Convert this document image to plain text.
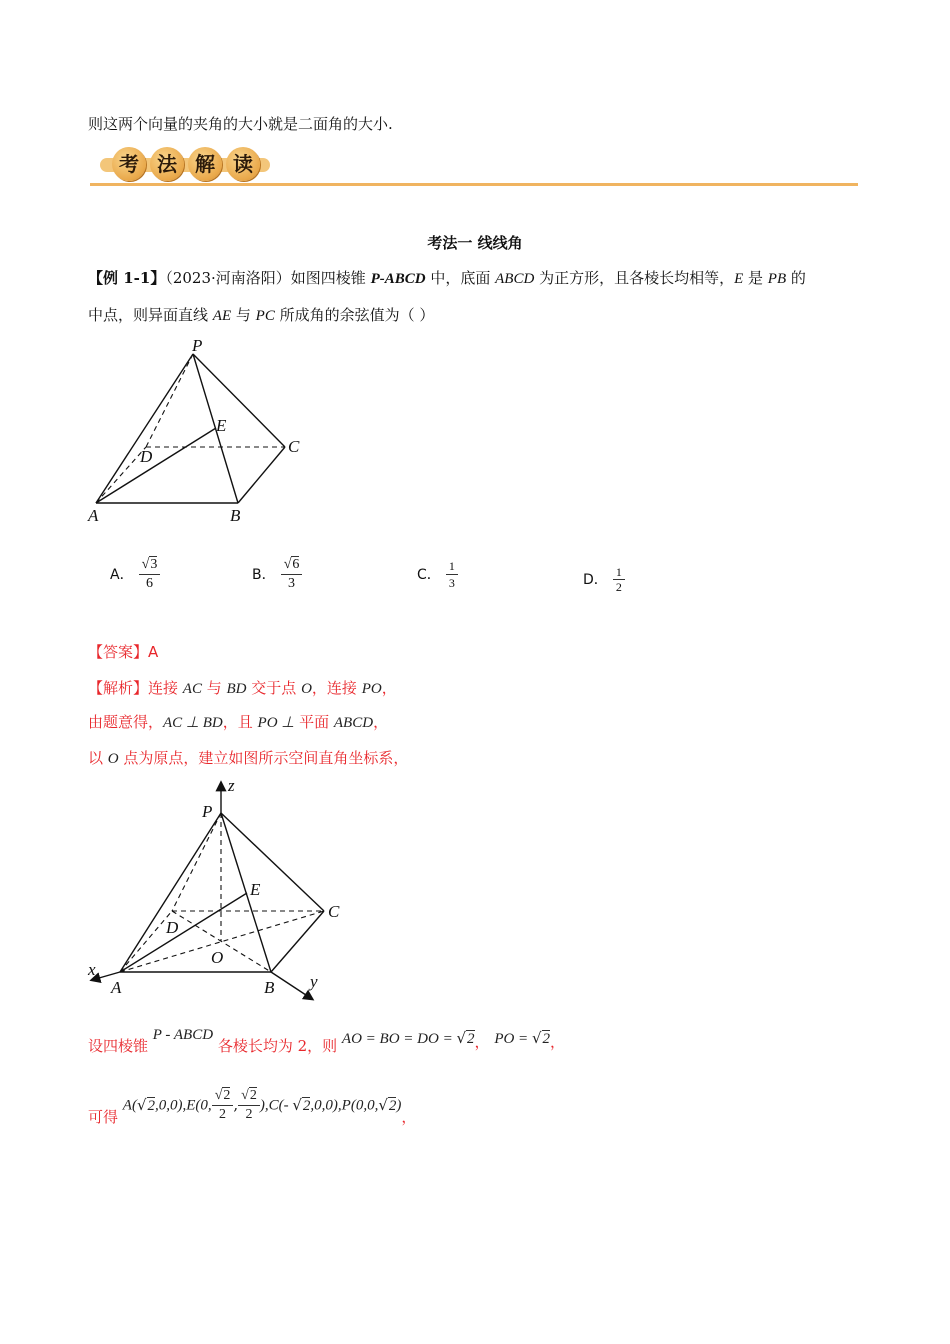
则这两个向量的夹角的大小就是二面角的大小.
考 法 解 读
考法一 线线角
【例 1-1】（2023·河南洛阳）如图四棱锥 P-ABCD 中，底面 ABCD 为正方形，且各棱长均相等，E 是 PB 的
中点，则异面直线 AE 与 PC 所成角的余弦值为（ ）
P
E
D
C
A	B
A． $\frac{√3}{6}$	B． $\frac{√6}{3}$	C． $\frac{1}{3}$	D． $\frac{1}{2}$
【答案】A
【解析】连接 AC 与 BD 交于点 O，连接 PO，
由题意得，AC ⊥ BD，且 PO ⊥ 平面 ABCD，
以 O 点为原点，建立如图所示空间直角坐标系，
z
P
E
D
C
O
x
A	B y
设四棱锥 P - ABCD 各棱长均为 2，则 AO = BO = DO = √2， PO = √2，
可得 A(√2,0,0),E(0, $\frac{√2}{2}$ , $\frac{√2}{2} ),C(-$ √2,0,0),P(0,0,√2)，
